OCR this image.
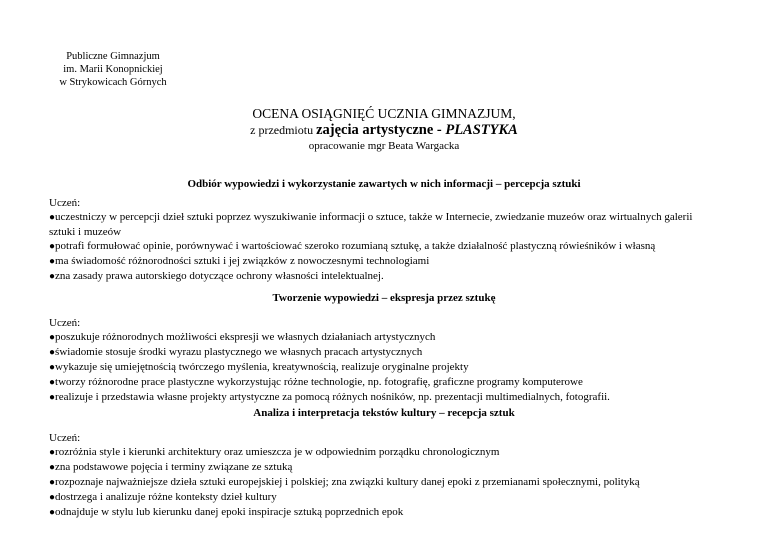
Publiczne Gimnazjum
im. Marii Konopnickiej
w Strykowicach Górnych
OCENA OSIĄGNIĘĆ UCZNIA GIMNAZJUM,
z przedmiotu zajęcia artystyczne - PLASTYKA
opracowanie mgr Beata Wargacka
Odbiór wypowiedzi i wykorzystanie zawartych w nich informacji – percepcja sztuki
Uczeń:
●uczestniczy w percepcji dzieł sztuki poprzez wyszukiwanie informacji o sztuce, także w Internecie, zwiedzanie muzeów oraz wirtualnych galerii sztuki i muzeów
●potrafi formułować opinie, porównywać i wartościować szeroko rozumianą sztukę, a także działalność plastyczną rówieśników i własną
●ma świadomość różnorodności sztuki i jej związków z nowoczesnymi technologiami
●zna zasady prawa autorskiego dotyczące ochrony własności intelektualnej.
Tworzenie wypowiedzi – ekspresja przez sztukę
Uczeń:
●poszukuje różnorodnych możliwości ekspresji we własnych działaniach artystycznych
●świadomie stosuje środki wyrazu plastycznego we własnych pracach artystycznych
●wykazuje się umiejętnością twórczego myślenia, kreatywnością, realizuje oryginalne projekty
●tworzy różnorodne prace plastyczne wykorzystując różne technologie, np. fotografię, graficzne programy komputerowe
●realizuje i przedstawia własne projekty artystyczne za pomocą różnych nośników, np. prezentacji multimedialnych, fotografii.
Analiza i interpretacja tekstów kultury – recepcja sztuk
Uczeń:
●rozróżnia style i kierunki architektury oraz umieszcza je w odpowiednim porządku chronologicznym
●zna podstawowe pojęcia i terminy związane ze sztuką
●rozpoznaje najważniejsze dzieła sztuki europejskiej i polskiej; zna związki kultury danej epoki z przemianami społecznymi, polityką
●dostrzega i analizuje różne konteksty dzieł kultury
●odnajduje w stylu lub kierunku danej epoki inspiracje sztuką poprzednich epok
